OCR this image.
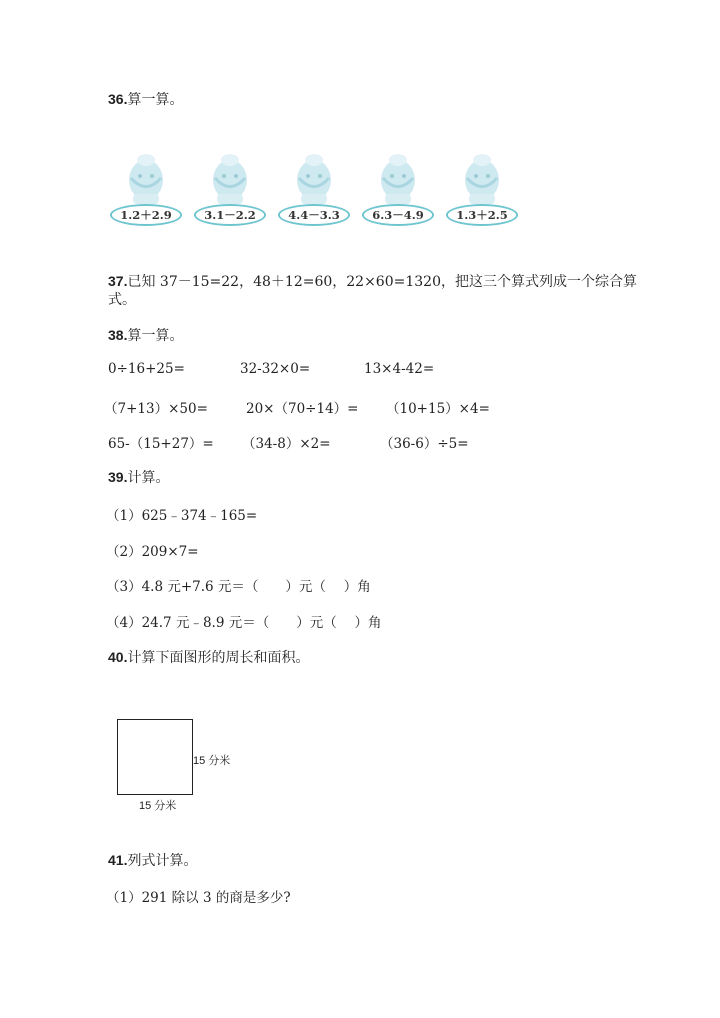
36.算一算。
1.2＋2.9	3.1－2.2	4.4－3.3	6.3－4.9	1.3＋2.5
37.已知 37－15=22，48＋12=60，22×60=1320，把这三个算式列成一个综合算
式。
38.算一算。
0÷16+25=	32-32×0=	13×4-42=
（7+13）×50=	20×（70÷14）= （10+15）×4=
65-（15+27）= （34-8）×2=	（36-6）÷5=
39.计算。
（1）625﹣374﹣165=
（2）209×7=
（3）4.8 元+7.6 元＝（　　）元（　 ）角
（4）24.7 元﹣8.9 元＝（　　）元（　 ）角
40.计算下面图形的周长和面积。
15 分米
15 分米
41.列式计算。
（1）291 除以 3 的商是多少?
